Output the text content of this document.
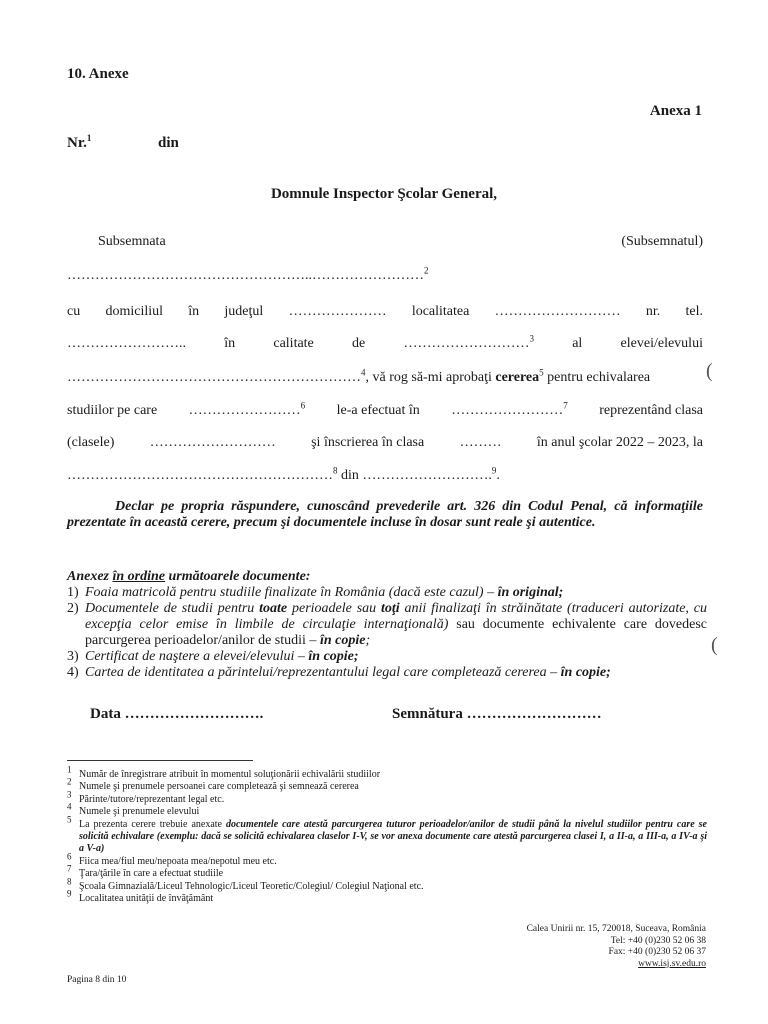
10. Anexe
Anexa 1
Nr.$^1$	din
Domnule Inspector Şcolar General,
Subsemnata	(Subsemnatul)
……………………………………………..……………………$^2$
cu domiciliul în judeţul ………………… localitatea ……………………… nr. tel.
……………………..	în	calitate	de	………………………$^3$	al	elevei/elevului
………………………………………………………$^4$, vă rog să-mi aprobaţi cererea$^5$ pentru echivalarea
studiilor pe care ……………………$^6$ le-a efectuat în ……………………$^7$ reprezentând clasa
(clasele)	………………………	şi înscrierea în clasa	………	în anul şcolar 2022 – 2023, la
…………………………………………………$^8$ din ……………………….$^9$.
Declar pe propria răspundere, cunoscând prevederile art. 326 din Codul Penal, că informaţiile prezentate în această cerere, precum şi documentele incluse în dosar sunt reale şi autentice.
Anexez în ordine următoarele documente:
1) Foaia matricolă pentru studiile finalizate în România (dacă este cazul) – în original;
2) Documentele de studii pentru toate perioadele sau toţi anii finalizaţi în străinătate (traduceri autorizate, cu excepţia celor emise în limbile de circulaţie internaţională) sau documente echivalente care dovedesc parcurgerea perioadelor/anilor de studii – în copie;
3) Certificat de naştere a elevei/elevului – în copie;
4) Cartea de identitatea a părintelui/reprezentantului legal care completează cererea – în copie;
Data ……………………….	Semnătura ………………………
(
(
$^1$ Număr de înregistrare atribuit în momentul soluţionării echivalării studiilor
$^2$ Numele şi prenumele persoanei care completează şi semnează cererea
$^3$ Părinte/tutore/reprezentant legal etc.
$^4$ Numele şi prenumele elevului
$^5$ La prezenta cerere trebuie anexate documentele care atestă parcurgerea tuturor perioadelor/anilor de studii până la nivelul studiilor pentru care se solicită echivalare (exemplu: dacă se solicită echivalarea claselor I-V, se vor anexa documente care atestă parcurgerea clasei I, a II-a, a III-a, a IV-a şi a V-a)
$^6$ Fiica mea/fiul meu/nepoata mea/nepotul meu etc.
$^7$ Ţara/ţările în care a efectuat studiile
$^8$ Şcoala Gimnazială/Liceul Tehnologic/Liceul Teoretic/Colegiul/ Colegiul Naţional etc.
$^9$ Localitatea unităţii de învăţământ
Calea Unirii nr. 15, 720018, Suceava, România
Tel: +40 (0)230 52 06 38
Fax: +40 (0)230 52 06 37
www.isj.sv.edu.ro
Pagina 8 din 10
